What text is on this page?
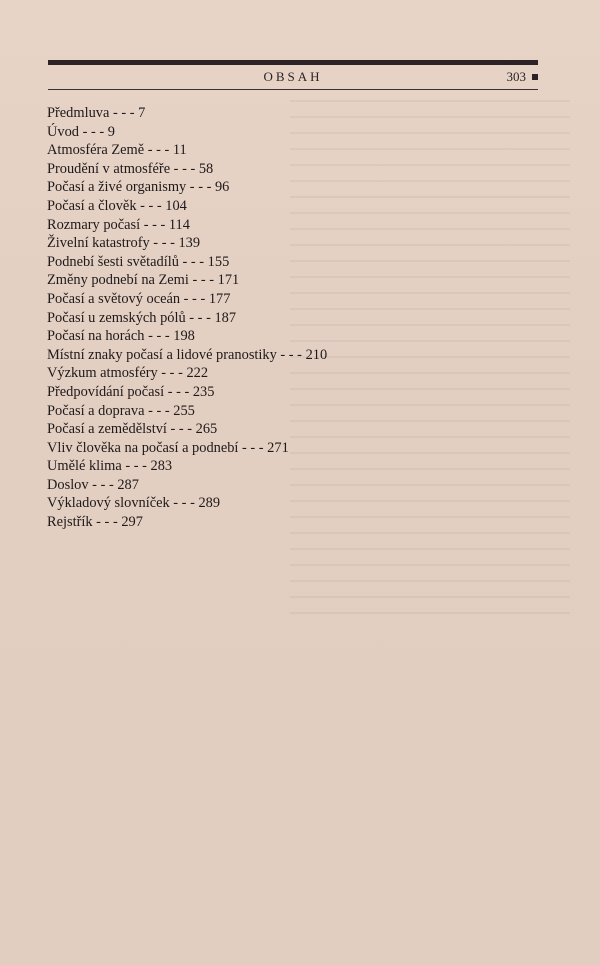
OBSAH	303
Předmluva - - - 7
Úvod - - - 9
Atmosféra Země - - - 11
Proudění v atmosféře - - - 58
Počasí a živé organismy - - - 96
Počasí a člověk - - - 104
Rozmary počasí - - - 114
Živelní katastrofy - - - 139
Podnebí šesti světadílů - - - 155
Změny podnebí na Zemi - - - 171
Počasí a světový oceán - - - 177
Počasí u zemských pólů - - - 187
Počasí na horách - - - 198
Místní znaky počasí a lidové pranostiky - - - 210
Výzkum atmosféry - - - 222
Předpovídání počasí - - - 235
Počasí a doprava - - - 255
Počasí a zemědělství - - - 265
Vliv člověka na počasí a podnebí - - - 271
Umělé klima - - - 283
Doslov - - - 287
Výkladový slovníček - - - 289
Rejstřík - - - 297
